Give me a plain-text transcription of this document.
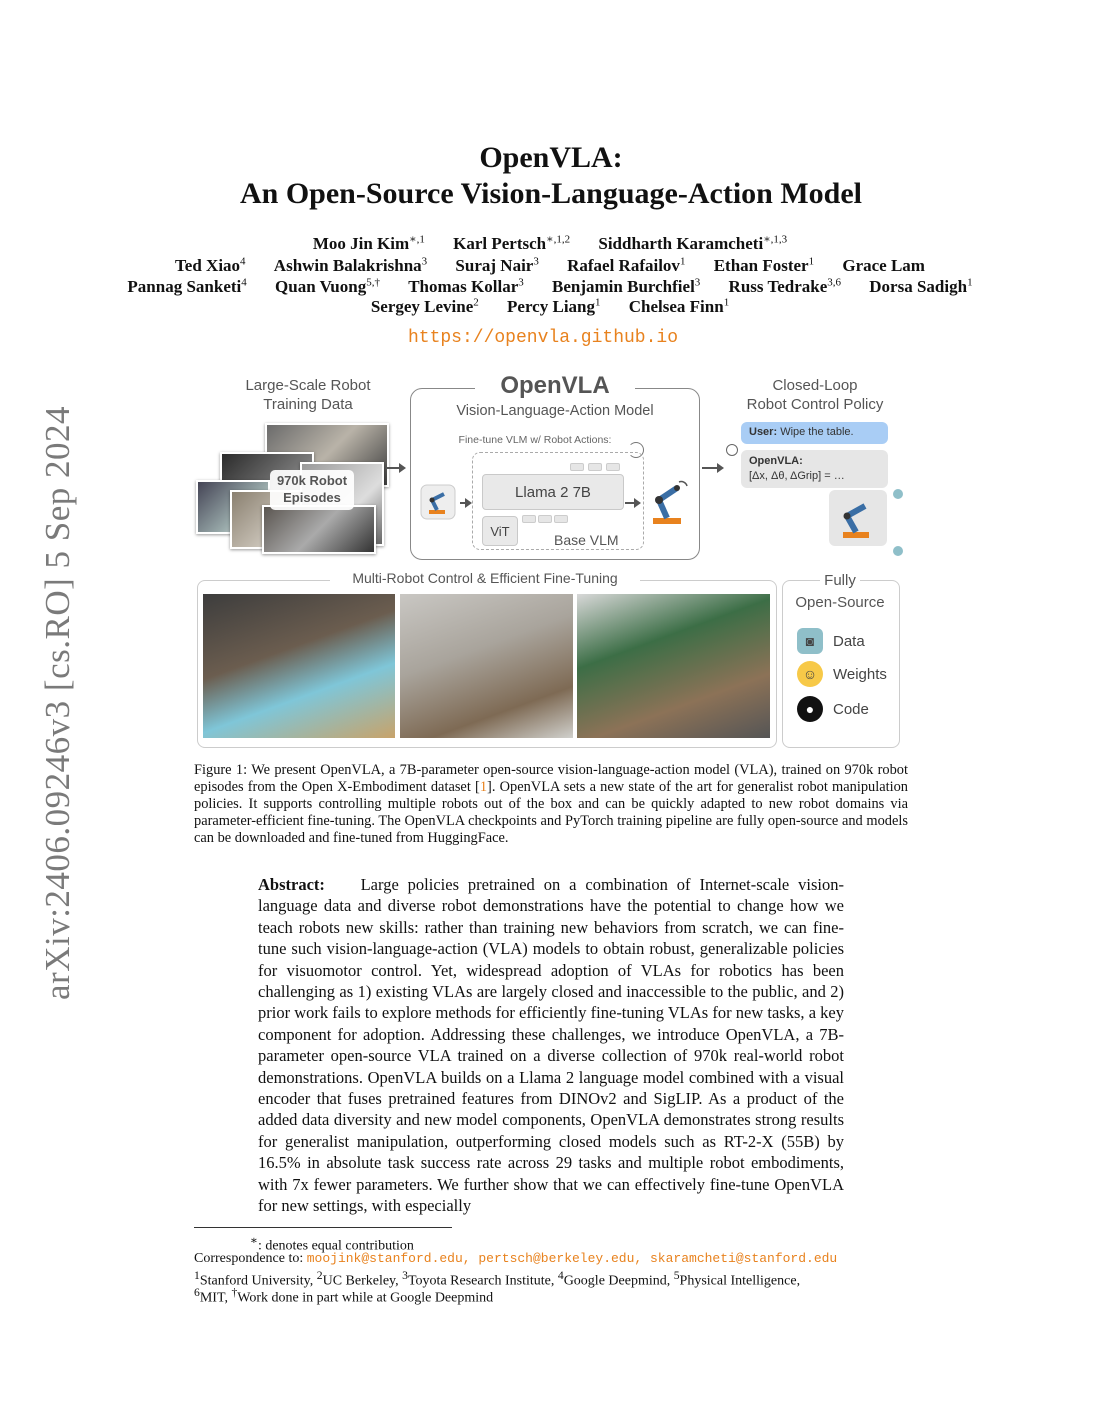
arXiv:2406.09246v3 [cs.RO] 5 Sep 2024
OpenVLA:
An Open-Source Vision-Language-Action Model
Moo Jin Kim$^{∗,1}$ Karl Pertsch$^{∗,1,2}$ Siddharth Karamcheti$^{∗,1,3}$
Ted Xiao$^4$ Ashwin Balakrishna$^3$ Suraj Nair$^3$ Rafael Rafailov$^1$ Ethan Foster$^1$ Grace Lam
Pannag Sanketi$^4$ Quan Vuong$^{5,\dagger}$ Thomas Kollar$^3$ Benjamin Burchfiel$^3$ Russ Tedrake$^{3,6}$ Dorsa Sadigh$^1$
Sergey Levine$^2$ Percy Liang$^1$ Chelsea Finn$^1$
https://openvla.github.io
Large-Scale Robot
Training Data
970k Robot
Episodes
OpenVLA
Vision-Language-Action Model
Fine-tune VLM w/ Robot Actions:
Llama 2 7B
ViT
Base VLM
Closed-Loop
Robot Control Policy
User: Wipe the table.
OpenVLA:
[Δx, Δθ, ΔGrip] = …
Multi-Robot Control & Efficient Fine-Tuning	Fully
Open-Source
◙	Data
☺	Weights
●	Code
Figure 1: We present OpenVLA, a 7B-parameter open-source vision-language-action model (VLA), trained on 970k robot episodes from the Open X-Embodiment dataset [1]. OpenVLA sets a new state of the art for generalist robot manipulation policies. It supports controlling multiple robots out of the box and can be quickly adapted to new robot domains via parameter-efficient fine-tuning. The OpenVLA checkpoints and PyTorch training pipeline are fully open-source and models can be downloaded and fine-tuned from HuggingFace.
Abstract: Large policies pretrained on a combination of Internet-scale vision-language data and diverse robot demonstrations have the potential to change how we teach robots new skills: rather than training new behaviors from scratch, we can fine-tune such vision-language-action (VLA) models to obtain robust, generalizable policies for visuomotor control. Yet, widespread adoption of VLAs for robotics has been challenging as 1) existing VLAs are largely closed and inaccessible to the public, and 2) prior work fails to explore methods for efficiently fine-tuning VLAs for new tasks, a key component for adoption. Addressing these challenges, we introduce OpenVLA, a 7B-parameter open-source VLA trained on a diverse collection of 970k real-world robot demonstrations. OpenVLA builds on a Llama 2 language model combined with a visual encoder that fuses pretrained features from DINOv2 and SigLIP. As a product of the added data diversity and new model components, OpenVLA demonstrates strong results for generalist manipulation, outperforming closed models such as RT-2-X (55B) by 16.5% in absolute task success rate across 29 tasks and multiple robot embodiments, with 7x fewer parameters. We further show that we can effectively fine-tune OpenVLA for new settings, with especially
∗: denotes equal contribution
Correspondence to: moojink@stanford.edu, pertsch@berkeley.edu, skaramcheti@stanford.edu
$^1$Stanford University, $^2$UC Berkeley, $^3$Toyota Research Institute, $^4$Google Deepmind, $^5$Physical Intelligence,
$^6$MIT, †Work done in part while at Google Deepmind
